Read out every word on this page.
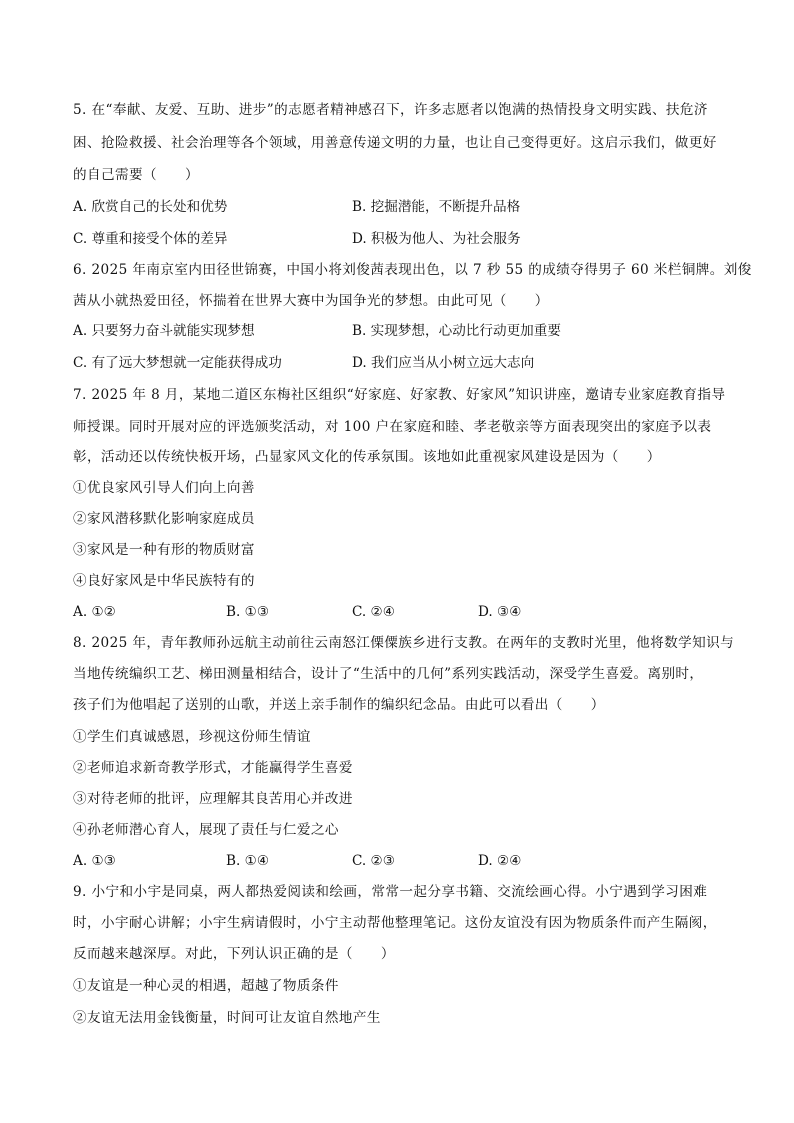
5. 在“奉献、友爱、互助、进步”的志愿者精神感召下，许多志愿者以饱满的热情投身文明实践、扶危济
困、抢险救援、社会治理等各个领域，用善意传递文明的力量，也让自己变得更好。这启示我们，做更好
的自己需要（　　）
A. 欣赏自己的长处和优势	B. 挖掘潜能，不断提升品格
C. 尊重和接受个体的差异	D. 积极为他人、为社会服务
6. 2025 年南京室内田径世锦赛，中国小将刘俊茜表现出色，以 7 秒 55 的成绩夺得男子 60 米栏铜牌。刘俊
茜从小就热爱田径，怀揣着在世界大赛中为国争光的梦想。由此可见（　　）
A. 只要努力奋斗就能实现梦想	B. 实现梦想，心动比行动更加重要
C. 有了远大梦想就一定能获得成功	D. 我们应当从小树立远大志向
7. 2025 年 8 月，某地二道区东梅社区组织“好家庭、好家教、好家风”知识讲座，邀请专业家庭教育指导
师授课。同时开展对应的评选颁奖活动，对 100 户在家庭和睦、孝老敬亲等方面表现突出的家庭予以表
彰，活动还以传统快板开场，凸显家风文化的传承氛围。该地如此重视家风建设是因为（　　）
①优良家风引导人们向上向善
②家风潜移默化影响家庭成员
③家风是一种有形的物质财富
④良好家风是中华民族特有的
A. ①②	B. ①③	C. ②④	D. ③④
8. 2025 年，青年教师孙远航主动前往云南怒江傈僳族乡进行支教。在两年的支教时光里，他将数学知识与
当地传统编织工艺、梯田测量相结合，设计了“生活中的几何”系列实践活动，深受学生喜爱。离别时，
孩子们为他唱起了送别的山歌，并送上亲手制作的编织纪念品。由此可以看出（　　）
①学生们真诚感恩，珍视这份师生情谊
②老师追求新奇教学形式，才能赢得学生喜爱
③对待老师的批评，应理解其良苦用心并改进
④孙老师潜心育人，展现了责任与仁爱之心
A. ①③	B. ①④	C. ②③	D. ②④
9. 小宁和小宇是同桌，两人都热爱阅读和绘画，常常一起分享书籍、交流绘画心得。小宁遇到学习困难
时，小宇耐心讲解；小宇生病请假时，小宁主动帮他整理笔记。这份友谊没有因为物质条件而产生隔阂，
反而越来越深厚。对此，下列认识正确的是（　　）
①友谊是一种心灵的相遇，超越了物质条件
②友谊无法用金钱衡量，时间可让友谊自然地产生
